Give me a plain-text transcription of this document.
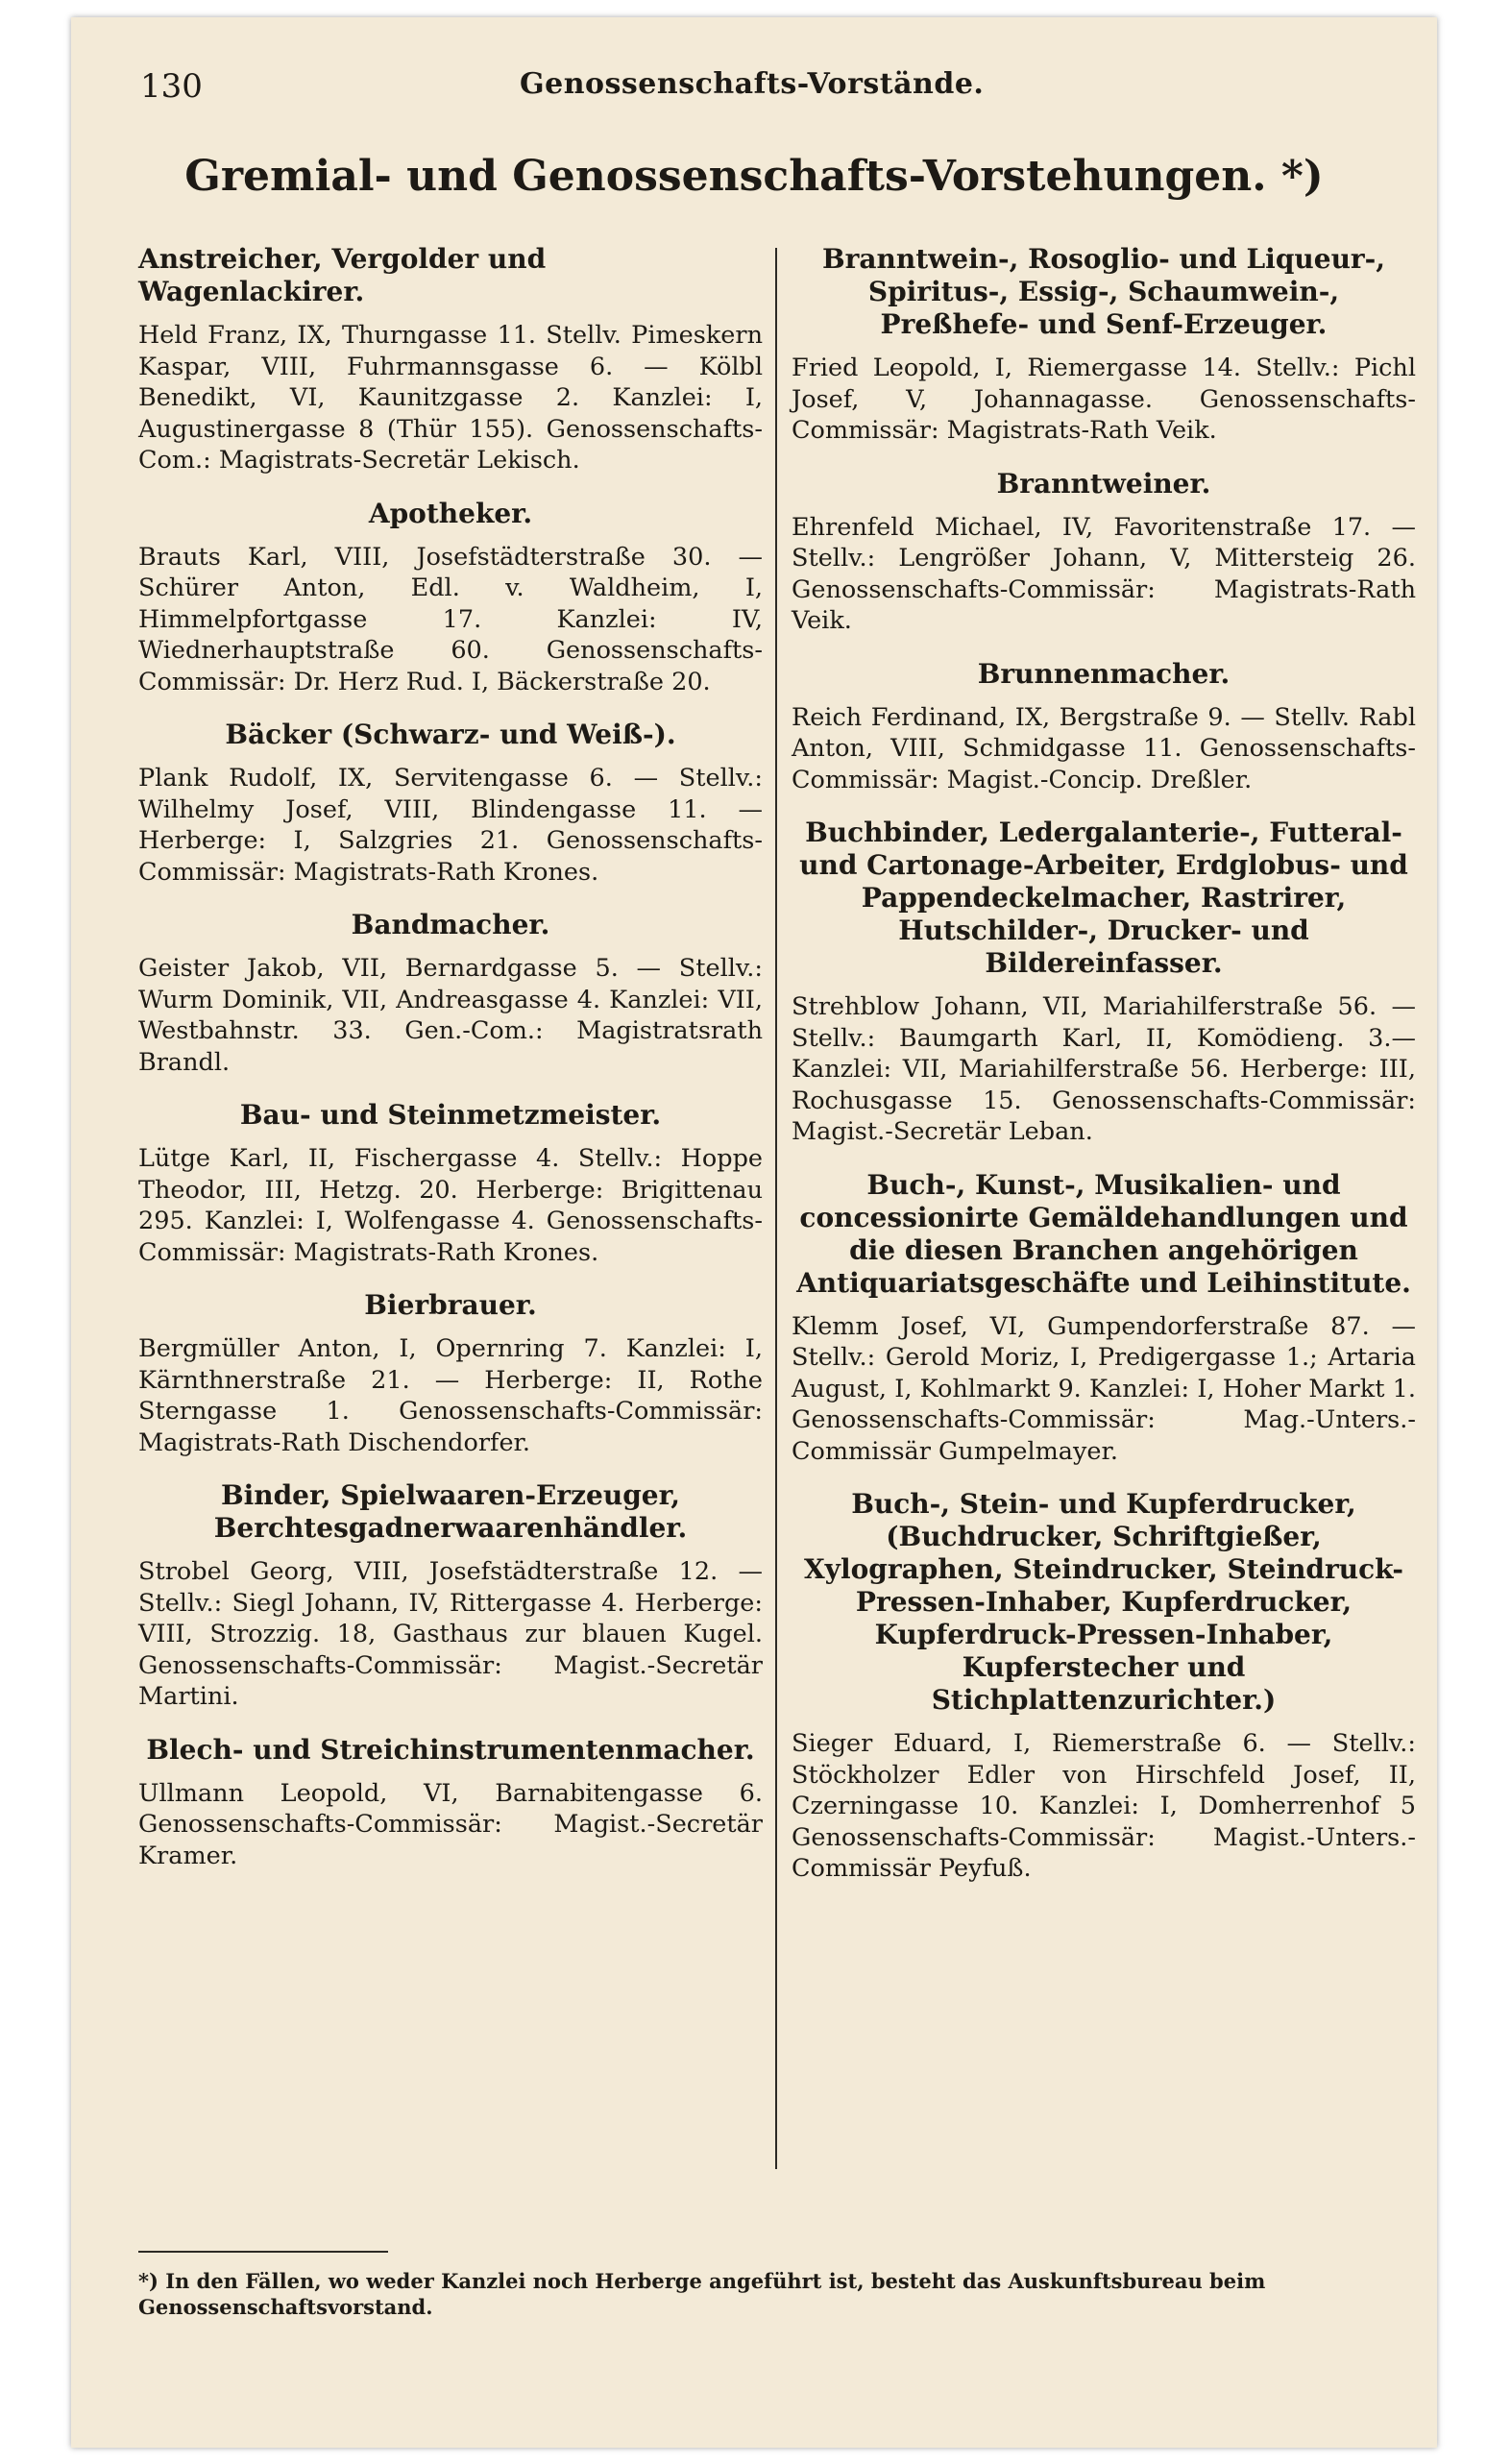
130	Genossenschafts-Vorstände.
Gremial- und Genossenschafts-Vorstehungen. *)

Anstreicher, Vergolder und Wagenlackirer.

Held Franz, IX, Thurngasse 11. Stellv. Pimeskern Kaspar, VIII, Fuhrmannsgasse 6. — Kölbl Benedikt, VI, Kaunitzgasse 2. Kanzlei: I, Augustinergasse 8 (Thür 155). Genossenschafts-Com.: Magistrats-Secretär Lekisch.

Apotheker.

Brauts Karl, VIII, Josefstädterstraße 30. — Schürer Anton, Edl. v. Waldheim, I, Himmelpfortgasse 17. Kanzlei: IV, Wiednerhauptstraße 60. Genossenschafts-Commissär: Dr. Herz Rud. I, Bäckerstraße 20.

Bäcker (Schwarz- und Weiß-).

Plank Rudolf, IX, Servitengasse 6. — Stellv.: Wilhelmy Josef, VIII, Blindengasse 11. — Herberge: I, Salzgries 21. Genossenschafts-Commissär: Magistrats-Rath Krones.

Bandmacher.

Geister Jakob, VII, Bernardgasse 5. — Stellv.: Wurm Dominik, VII, Andreasgasse 4. Kanzlei: VII, Westbahnstr. 33. Gen.-Com.: Magistratsrath Brandl.

Bau- und Steinmetzmeister.

Lütge Karl, II, Fischergasse 4. Stellv.: Hoppe Theodor, III, Hetzg. 20. Herberge: Brigittenau 295. Kanzlei: I, Wolfengasse 4. Genossenschafts-Commissär: Magistrats-Rath Krones.

Bierbrauer.

Bergmüller Anton, I, Opernring 7. Kanzlei: I, Kärnthnerstraße 21. — Herberge: II, Rothe Sterngasse 1. Genossenschafts-Commissär: Magistrats-Rath Dischendorfer.

Binder, Spielwaaren-Erzeuger, Berchtesgadnerwaarenhändler.

Strobel Georg, VIII, Josefstädterstraße 12. — Stellv.: Siegl Johann, IV, Rittergasse 4. Herberge: VIII, Strozzig. 18, Gasthaus zur blauen Kugel. Genossenschafts-Commissär: Magist.-Secretär Martini.

Blech- und Streichinstrumentenmacher.

Ullmann Leopold, VI, Barnabitengasse 6. Genossenschafts-Commissär: Magist.-Secretär Kramer.

Branntwein-, Rosoglio- und Liqueur-, Spiritus-, Essig-, Schaumwein-, Preßhefe- und Senf-Erzeuger.

Fried Leopold, I, Riemergasse 14. Stellv.: Pichl Josef, V, Johannagasse. Genossenschafts-Commissär: Magistrats-Rath Veik.

Branntweiner.

Ehrenfeld Michael, IV, Favoritenstraße 17. — Stellv.: Lengrößer Johann, V, Mittersteig 26. Genossenschafts-Commissär: Magistrats-Rath Veik.

Brunnenmacher.

Reich Ferdinand, IX, Bergstraße 9. — Stellv. Rabl Anton, VIII, Schmidgasse 11. Genossenschafts-Commissär: Magist.-Concip. Dreßler.

Buchbinder, Ledergalanterie-, Futteral- und Cartonage-Arbeiter, Erdglobus- und Pappendeckelmacher, Rastrirer, Hutschilder-, Drucker- und Bildereinfasser.

Strehblow Johann, VII, Mariahilferstraße 56. — Stellv.: Baumgarth Karl, II, Komödieng. 3.— Kanzlei: VII, Mariahilferstraße 56. Herberge: III, Rochusgasse 15. Genossenschafts-Commissär: Magist.-Secretär Leban.

Buch-, Kunst-, Musikalien- und concessionirte Gemäldehandlungen und die diesen Branchen angehörigen Antiquariatsgeschäfte und Leihinstitute.

Klemm Josef, VI, Gumpendorferstraße 87. — Stellv.: Gerold Moriz, I, Predigergasse 1.; Artaria August, I, Kohlmarkt 9. Kanzlei: I, Hoher Markt 1. Genossenschafts-Commissär: Mag.-Unters.-Commissär Gumpelmayer.

Buch-, Stein- und Kupferdrucker, (Buchdrucker, Schriftgießer, Xylographen, Steindrucker, Steindruck-Pressen-Inhaber, Kupferdrucker, Kupferdruck-Pressen-Inhaber, Kupferstecher und Stichplattenzurichter.)

Sieger Eduard, I, Riemerstraße 6. — Stellv.: Stöckholzer Edler von Hirschfeld Josef, II, Czerningasse 10. Kanzlei: I, Domherrenhof 5 Genossenschafts-Commissär: Magist.-Unters.-Commissär Peyfuß.

*) In den Fällen, wo weder Kanzlei noch Herberge angeführt ist, besteht das Auskunftsbureau beim Genossenschaftsvorstand.
